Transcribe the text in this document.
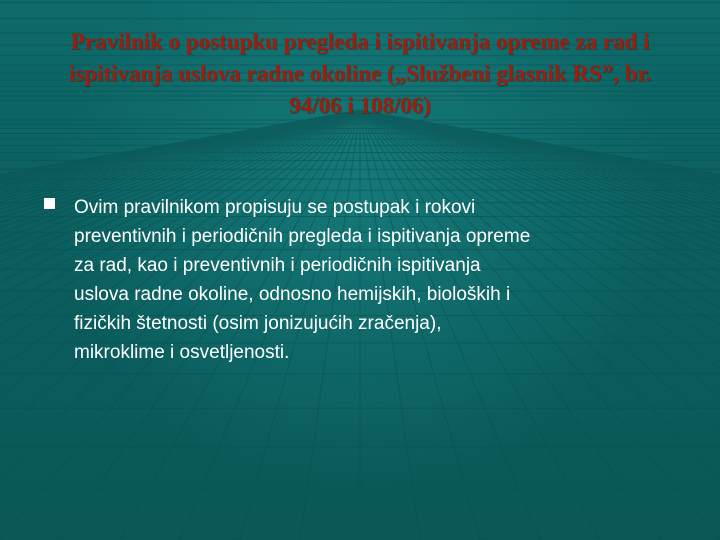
Pravilnik o postupku pregleda i ispitivanja opreme za rad i
ispitivanja uslova radne okoline („Službeni glasnik RS”, br.
94/06 i 108/06)
Ovim pravilnikom propisuju se postupak i rokovi
preventivnih i periodičnih pregleda i ispitivanja opreme
za rad, kao i preventivnih i periodičnih ispitivanja
uslova radne okoline, odnosno hemijskih, bioloških i
fizičkih štetnosti (osim jonizujućih zračenja),
mikroklime i osvetljenosti.
